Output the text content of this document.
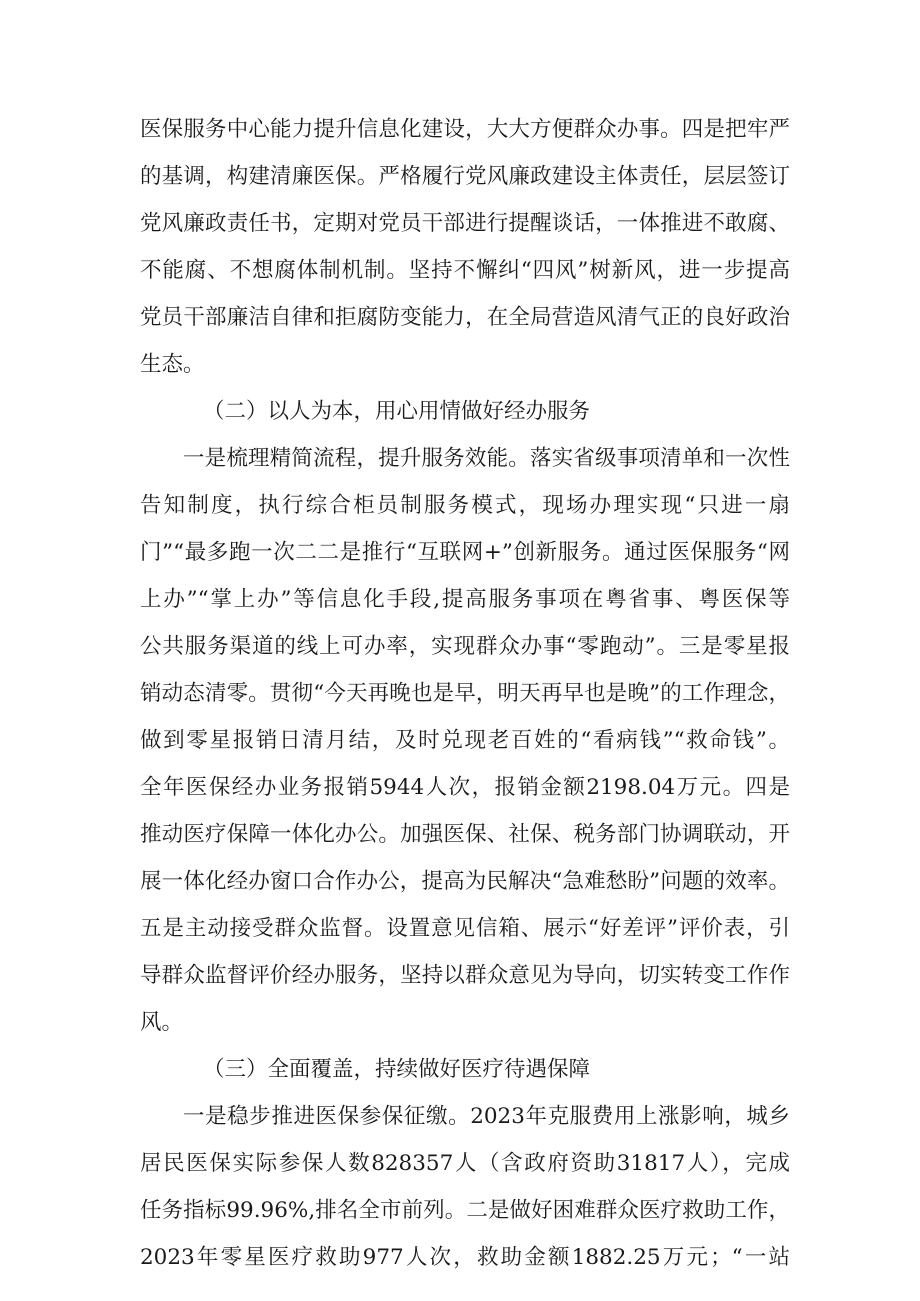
医保服务中心能力提升信息化建设，大大方便群众办事。四是把牢严
的基调，构建清廉医保。严格履行党风廉政建设主体责任，层层签订
党风廉政责任书，定期对党员干部进行提醒谈话，一体推进不敢腐、
不能腐、不想腐体制机制。坚持不懈纠“四风”树新风，进一步提高
党员干部廉洁自律和拒腐防变能力，在全局营造风清气正的良好政治
生态。
（二）以人为本，用心用情做好经办服务
一是梳理精简流程，提升服务效能。落实省级事项清单和一次性
告知制度，执行综合柜员制服务模式，现场办理实现“只进一扇
门”“最多跑一次二二是推行“互联网+”创新服务。通过医保服务“网
上办”“掌上办”等信息化手段,提高服务事项在粤省事、粤医保等
公共服务渠道的线上可办率，实现群众办事“零跑动”。三是零星报
销动态清零。贯彻“今天再晚也是早，明天再早也是晚”的工作理念，
做到零星报销日清月结，及时兑现老百姓的“看病钱”“救命钱”。
全年医保经办业务报销5944人次，报销金额2198.04万元。四是
推动医疗保障一体化办公。加强医保、社保、税务部门协调联动，开
展一体化经办窗口合作办公，提高为民解决“急难愁盼”问题的效率。
五是主动接受群众监督。设置意见信箱、展示“好差评”评价表，引
导群众监督评价经办服务，坚持以群众意见为导向，切实转变工作作
风。
（三）全面覆盖，持续做好医疗待遇保障
一是稳步推进医保参保征缴。2023年克服费用上涨影响，城乡
居民医保实际参保人数828357人（含政府资助31817人），完成
任务指标99.96%,排名全市前列。二是做好困难群众医疗救助工作，
2023年零星医疗救助977人次，救助金额1882.25万元；“一站
